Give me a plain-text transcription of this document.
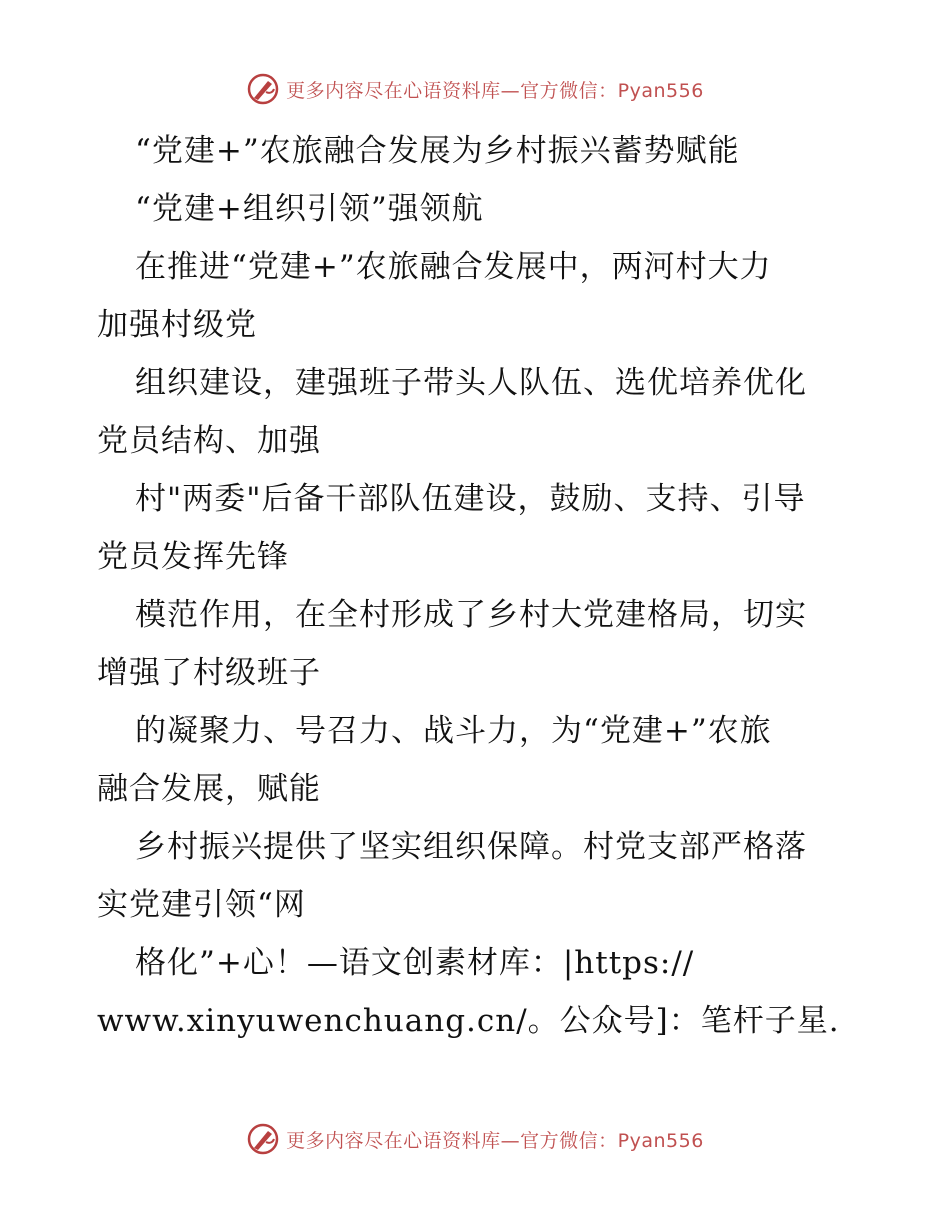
更多内容尽在心语资料库—官方微信：Pyan556
“党建+”农旅融合发展为乡村振兴蓄势赋能
“党建+组织引领”强领航
在推进“党建+”农旅融合发展中，两河村大力
加强村级党
组织建设，建强班子带头人队伍、选优培养优化
党员结构、加强
村"两委"后备干部队伍建设，鼓励、支持、引导
党员发挥先锋
模范作用，在全村形成了乡村大党建格局，切实
增强了村级班子
的凝聚力、号召力、战斗力，为“党建+”农旅
融合发展，赋能
乡村振兴提供了坚实组织保障。村党支部严格落
实党建引领“网
格化”+心！—语文创素材库：|https://
www.xinyuwenchuang.cn/。公众号]：笔杆子星.
更多内容尽在心语资料库—官方微信：Pyan556
